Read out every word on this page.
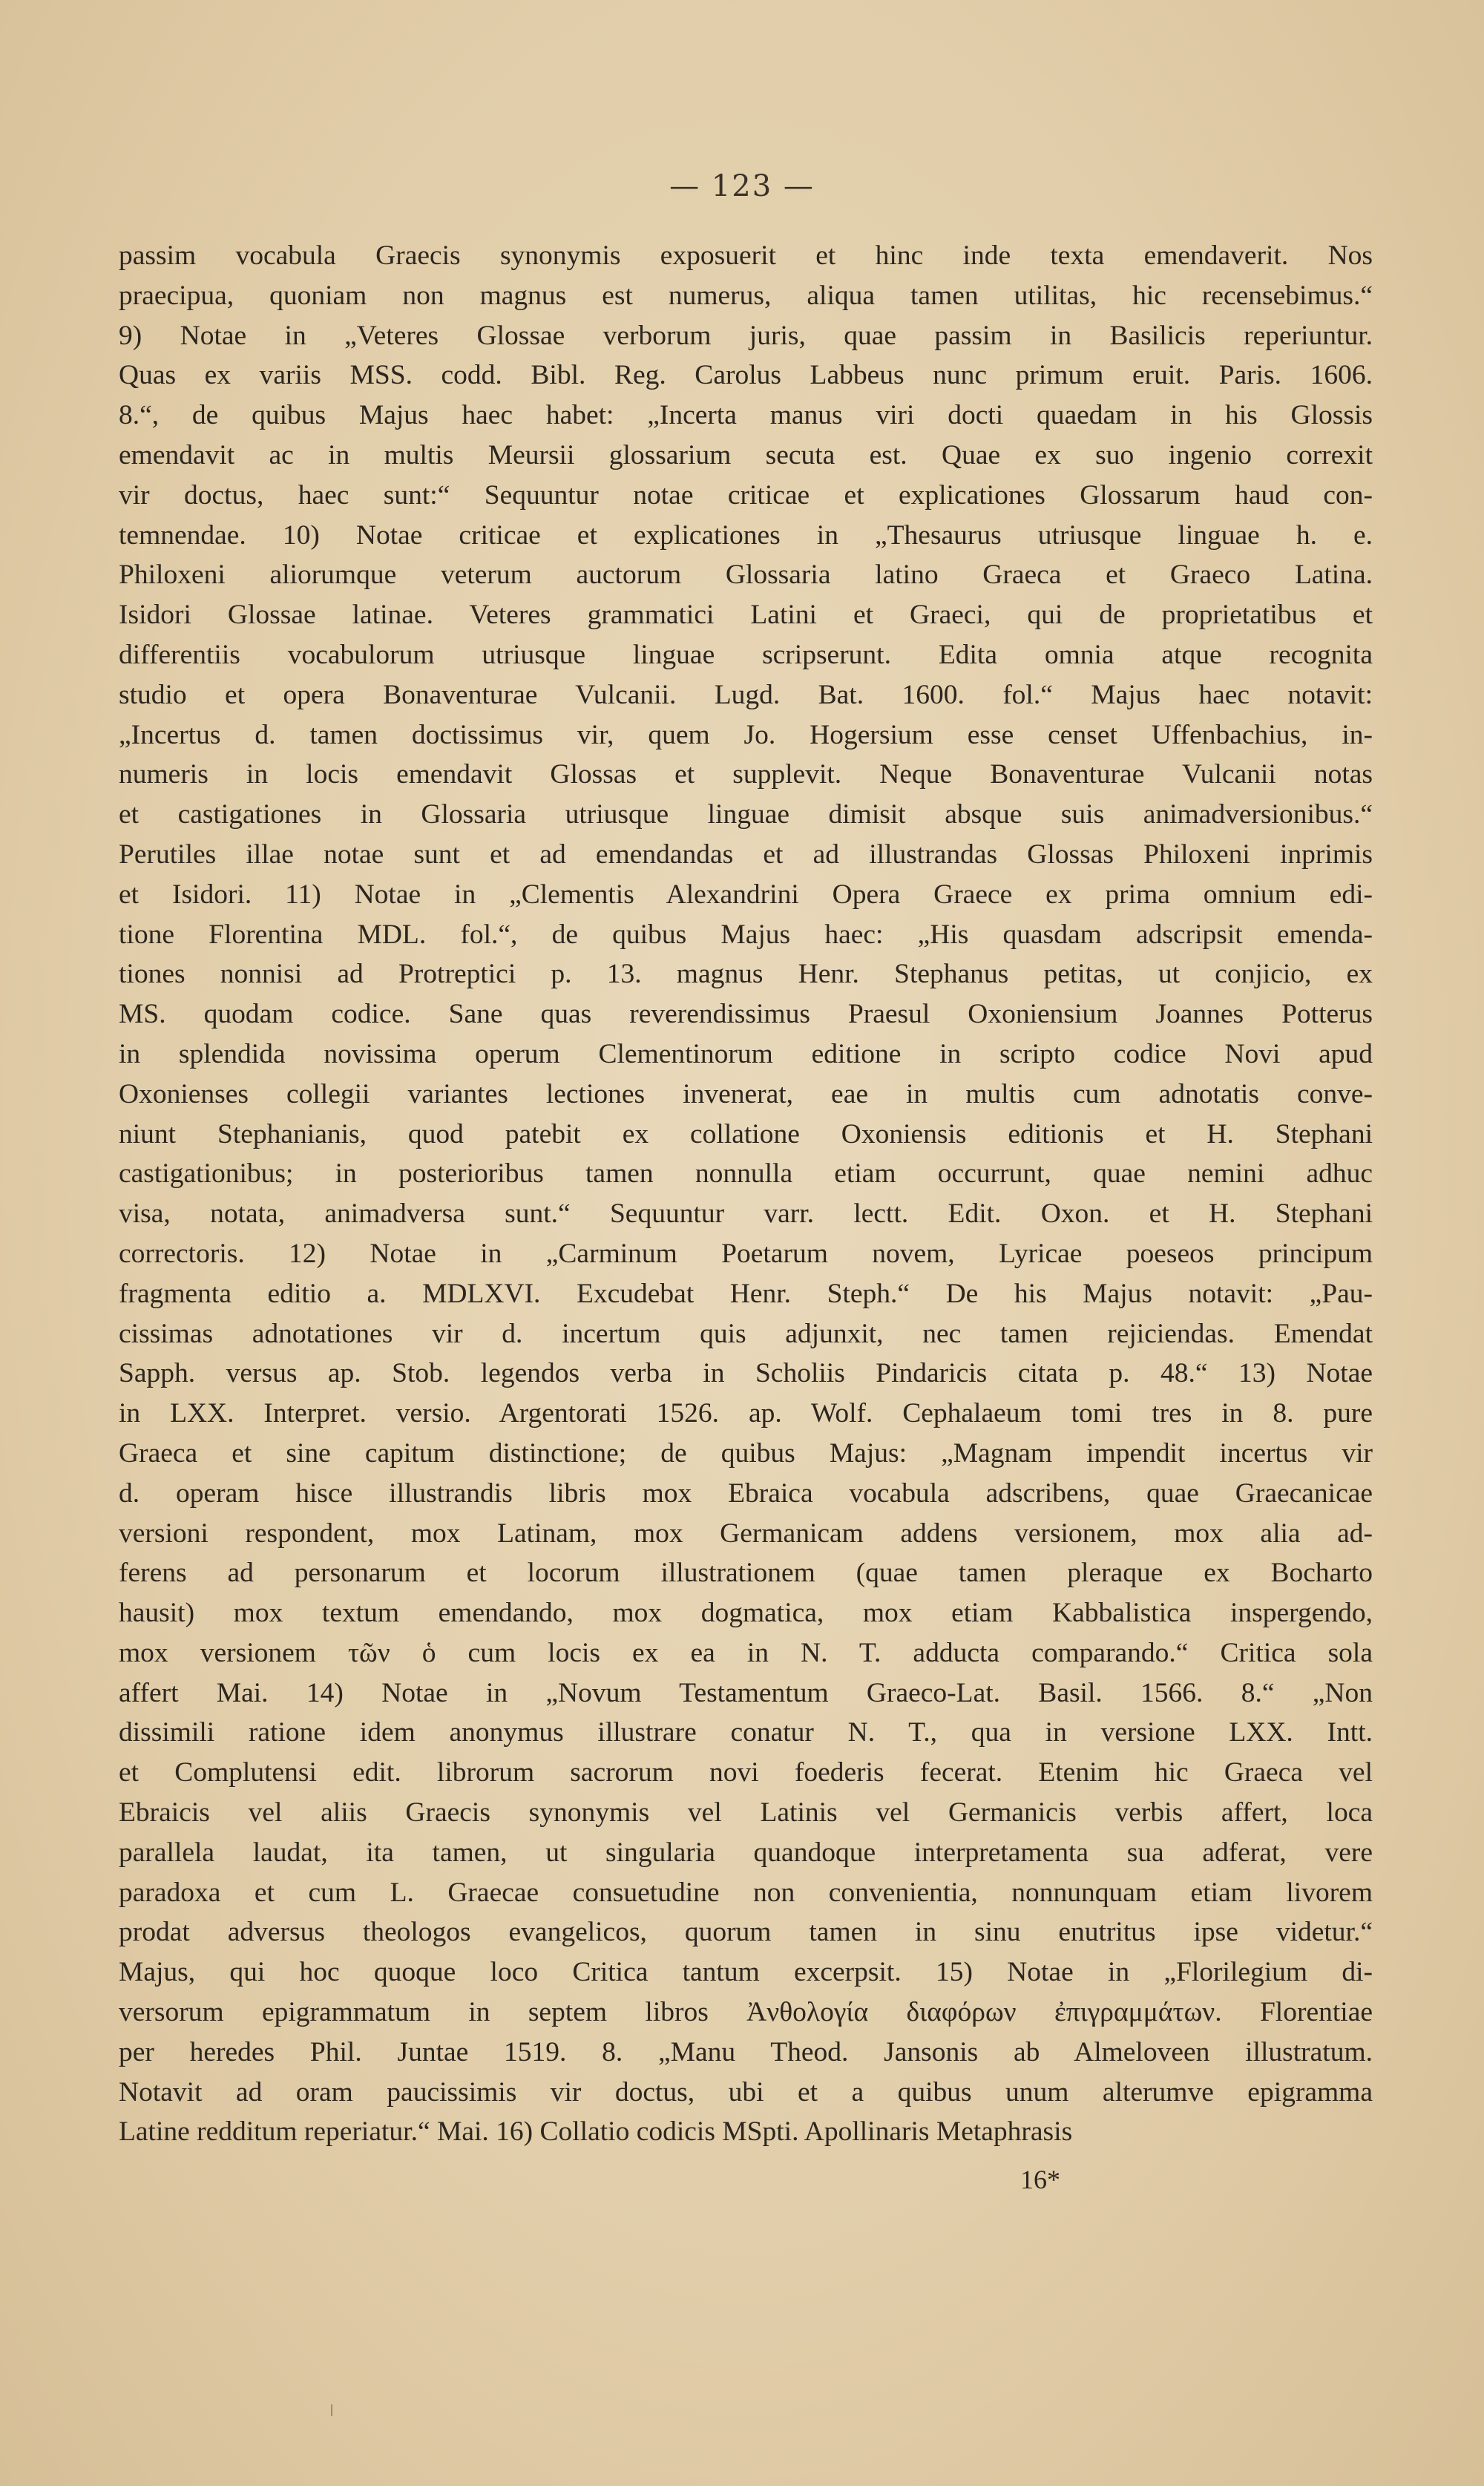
— 123 —
passim vocabula Graecis synonymis exposuerit et hinc inde texta emendaverit. Nos
praecipua, quoniam non magnus est numerus, aliqua tamen utilitas, hic recensebimus.“
9) Notae in „Veteres Glossae verborum juris, quae passim in Basilicis reperiuntur.
Quas ex variis MSS. codd. Bibl. Reg. Carolus Labbeus nunc primum eruit. Paris. 1606.
8.“, de quibus Majus haec habet: „Incerta manus viri docti quaedam in his Glossis
emendavit ac in multis Meursii glossarium secuta est. Quae ex suo ingenio correxit
vir doctus, haec sunt:“ Sequuntur notae criticae et explicationes Glossarum haud con-
temnendae. 10) Notae criticae et explicationes in „Thesaurus utriusque linguae h. e.
Philoxeni aliorumque veterum auctorum Glossaria latino Graeca et Graeco Latina.
Isidori Glossae latinae. Veteres grammatici Latini et Graeci, qui de proprietatibus et
differentiis vocabulorum utriusque linguae scripserunt. Edita omnia atque recognita
studio et opera Bonaventurae Vulcanii. Lugd. Bat. 1600. fol.“ Majus haec notavit:
„Incertus d. tamen doctissimus vir, quem Jo. Hogersium esse censet Uffenbachius, in-
numeris in locis emendavit Glossas et supplevit. Neque Bonaventurae Vulcanii notas
et castigationes in Glossaria utriusque linguae dimisit absque suis animadversionibus.“
Perutiles illae notae sunt et ad emendandas et ad illustrandas Glossas Philoxeni inprimis
et Isidori. 11) Notae in „Clementis Alexandrini Opera Graece ex prima omnium edi-
tione Florentina MDL. fol.“, de quibus Majus haec: „His quasdam adscripsit emenda-
tiones nonnisi ad Protreptici p. 13. magnus Henr. Stephanus petitas, ut conjicio, ex
MS. quodam codice. Sane quas reverendissimus Praesul Oxoniensium Joannes Potterus
in splendida novissima operum Clementinorum editione in scripto codice Novi apud
Oxonienses collegii variantes lectiones invenerat, eae in multis cum adnotatis conve-
niunt Stephanianis, quod patebit ex collatione Oxoniensis editionis et H. Stephani
castigationibus; in posterioribus tamen nonnulla etiam occurrunt, quae nemini adhuc
visa, notata, animadversa sunt.“ Sequuntur varr. lectt. Edit. Oxon. et H. Stephani
correctoris. 12) Notae in „Carminum Poetarum novem, Lyricae poeseos principum
fragmenta editio a. MDLXVI. Excudebat Henr. Steph.“ De his Majus notavit: „Pau-
cissimas adnotationes vir d. incertum quis adjunxit, nec tamen rejiciendas. Emendat
Sapph. versus ap. Stob. legendos verba in Scholiis Pindaricis citata p. 48.“ 13) Notae
in LXX. Interpret. versio. Argentorati 1526. ap. Wolf. Cephalaeum tomi tres in 8. pure
Graeca et sine capitum distinctione; de quibus Majus: „Magnam impendit incertus vir
d. operam hisce illustrandis libris mox Ebraica vocabula adscribens, quae Graecanicae
versioni respondent, mox Latinam, mox Germanicam addens versionem, mox alia ad-
ferens ad personarum et locorum illustrationem (quae tamen pleraque ex Bocharto
hausit) mox textum emendando, mox dogmatica, mox etiam Kabbalistica inspergendo,
mox versionem τῶν ὁ cum locis ex ea in N. T. adducta comparando.“ Critica sola
affert Mai. 14) Notae in „Novum Testamentum Graeco-Lat. Basil. 1566. 8.“ „Non
dissimili ratione idem anonymus illustrare conatur N. T., qua in versione LXX. Intt.
et Complutensi edit. librorum sacrorum novi foederis fecerat. Etenim hic Graeca vel
Ebraicis vel aliis Graecis synonymis vel Latinis vel Germanicis verbis affert, loca
parallela laudat, ita tamen, ut singularia quandoque interpretamenta sua adferat, vere
paradoxa et cum L. Graecae consuetudine non convenientia, nonnunquam etiam livorem
prodat adversus theologos evangelicos, quorum tamen in sinu enutritus ipse videtur.“
Majus, qui hoc quoque loco Critica tantum excerpsit. 15) Notae in „Florilegium di-
versorum epigrammatum in septem libros Ἀνθολογία διαφόρων ἐπιγραμμάτων. Florentiae
per heredes Phil. Juntae 1519. 8. „Manu Theod. Jansonis ab Almeloveen illustratum.
Notavit ad oram paucissimis vir doctus, ubi et a quibus unum alterumve epigramma
Latine redditum reperiatur.“ Mai. 16) Collatio codicis MSpti. Apollinaris Metaphrasis
16*
